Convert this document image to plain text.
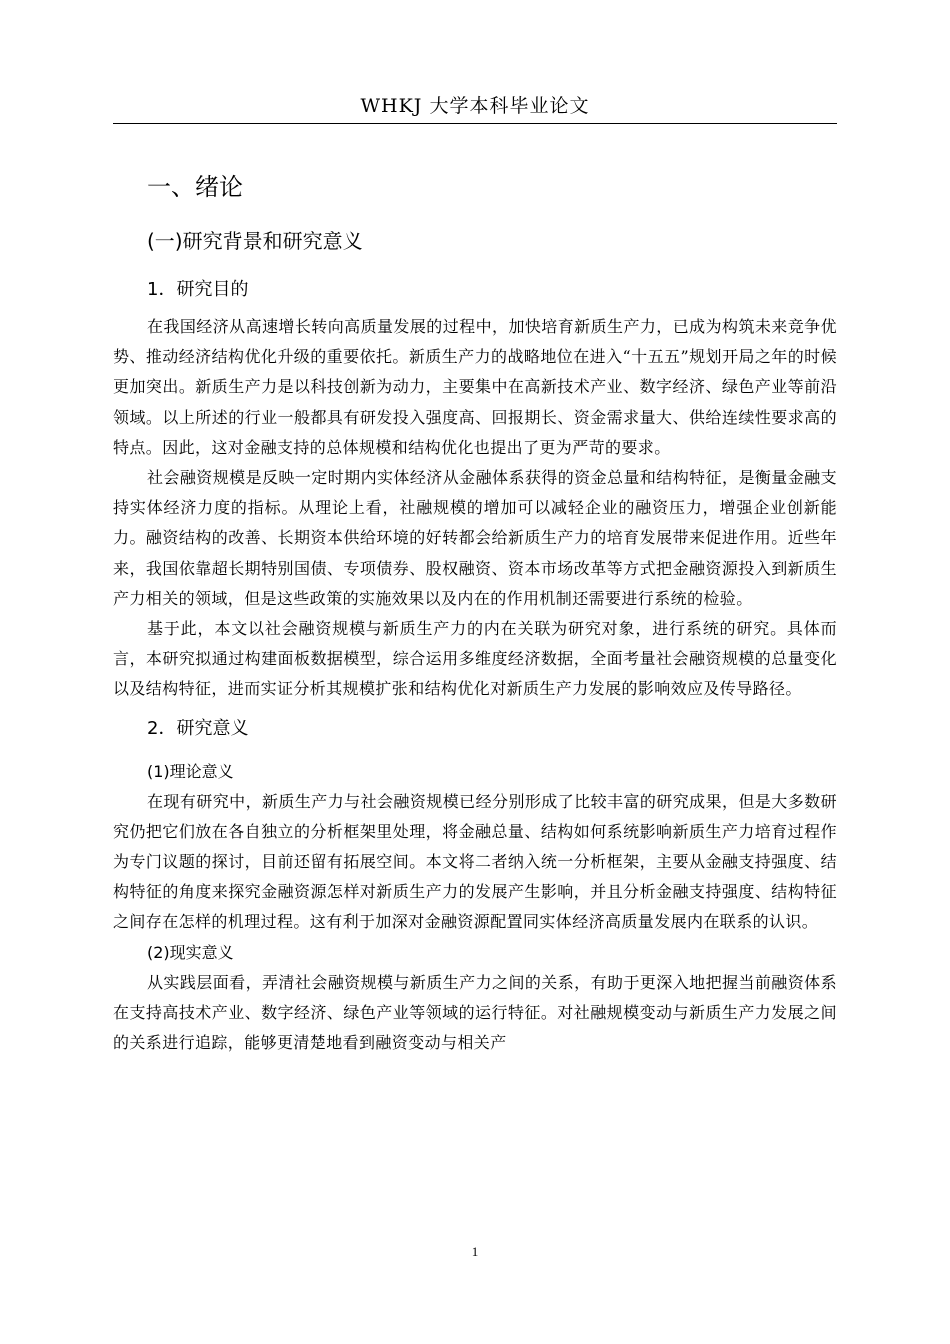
WHKJ 大学本科毕业论文
一、绪论
(一)研究背景和研究意义
1．研究目的

在我国经济从高速增长转向高质量发展的过程中，加快培育新质生产力，已成为构筑未来竞争优势、推动经济结构优化升级的重要依托。新质生产力的战略地位在进入“十五五”规划开局之年的时候更加突出。新质生产力是以科技创新为动力，主要集中在高新技术产业、数字经济、绿色产业等前沿领域。以上所述的行业一般都具有研发投入强度高、回报期长、资金需求量大、供给连续性要求高的特点。因此，这对金融支持的总体规模和结构优化也提出了更为严苛的要求。

社会融资规模是反映一定时期内实体经济从金融体系获得的资金总量和结构特征，是衡量金融支持实体经济力度的指标。从理论上看，社融规模的增加可以减轻企业的融资压力，增强企业创新能力。融资结构的改善、长期资本供给环境的好转都会给新质生产力的培育发展带来促进作用。近些年来，我国依靠超长期特别国债、专项债券、股权融资、资本市场改革等方式把金融资源投入到新质生产力相关的领域，但是这些政策的实施效果以及内在的作用机制还需要进行系统的检验。

基于此，本文以社会融资规模与新质生产力的内在关联为研究对象，进行系统的研究。具体而言，本研究拟通过构建面板数据模型，综合运用多维度经济数据，全面考量社会融资规模的总量变化以及结构特征，进而实证分析其规模扩张和结构优化对新质生产力发展的影响效应及传导路径。

2．研究意义
(1)理论意义

在现有研究中，新质生产力与社会融资规模已经分别形成了比较丰富的研究成果，但是大多数研究仍把它们放在各自独立的分析框架里处理，将金融总量、结构如何系统影响新质生产力培育过程作为专门议题的探讨，目前还留有拓展空间。本文将二者纳入统一分析框架，主要从金融支持强度、结构特征的角度来探究金融资源怎样对新质生产力的发展产生影响，并且分析金融支持强度、结构特征之间存在怎样的机理过程。这有利于加深对金融资源配置同实体经济高质量发展内在联系的认识。

(2)现实意义

从实践层面看，弄清社会融资规模与新质生产力之间的关系，有助于更深入地把握当前融资体系在支持高技术产业、数字经济、绿色产业等领域的运行特征。对社融规模变动与新质生产力发展之间的关系进行追踪，能够更清楚地看到融资变动与相关产

1
